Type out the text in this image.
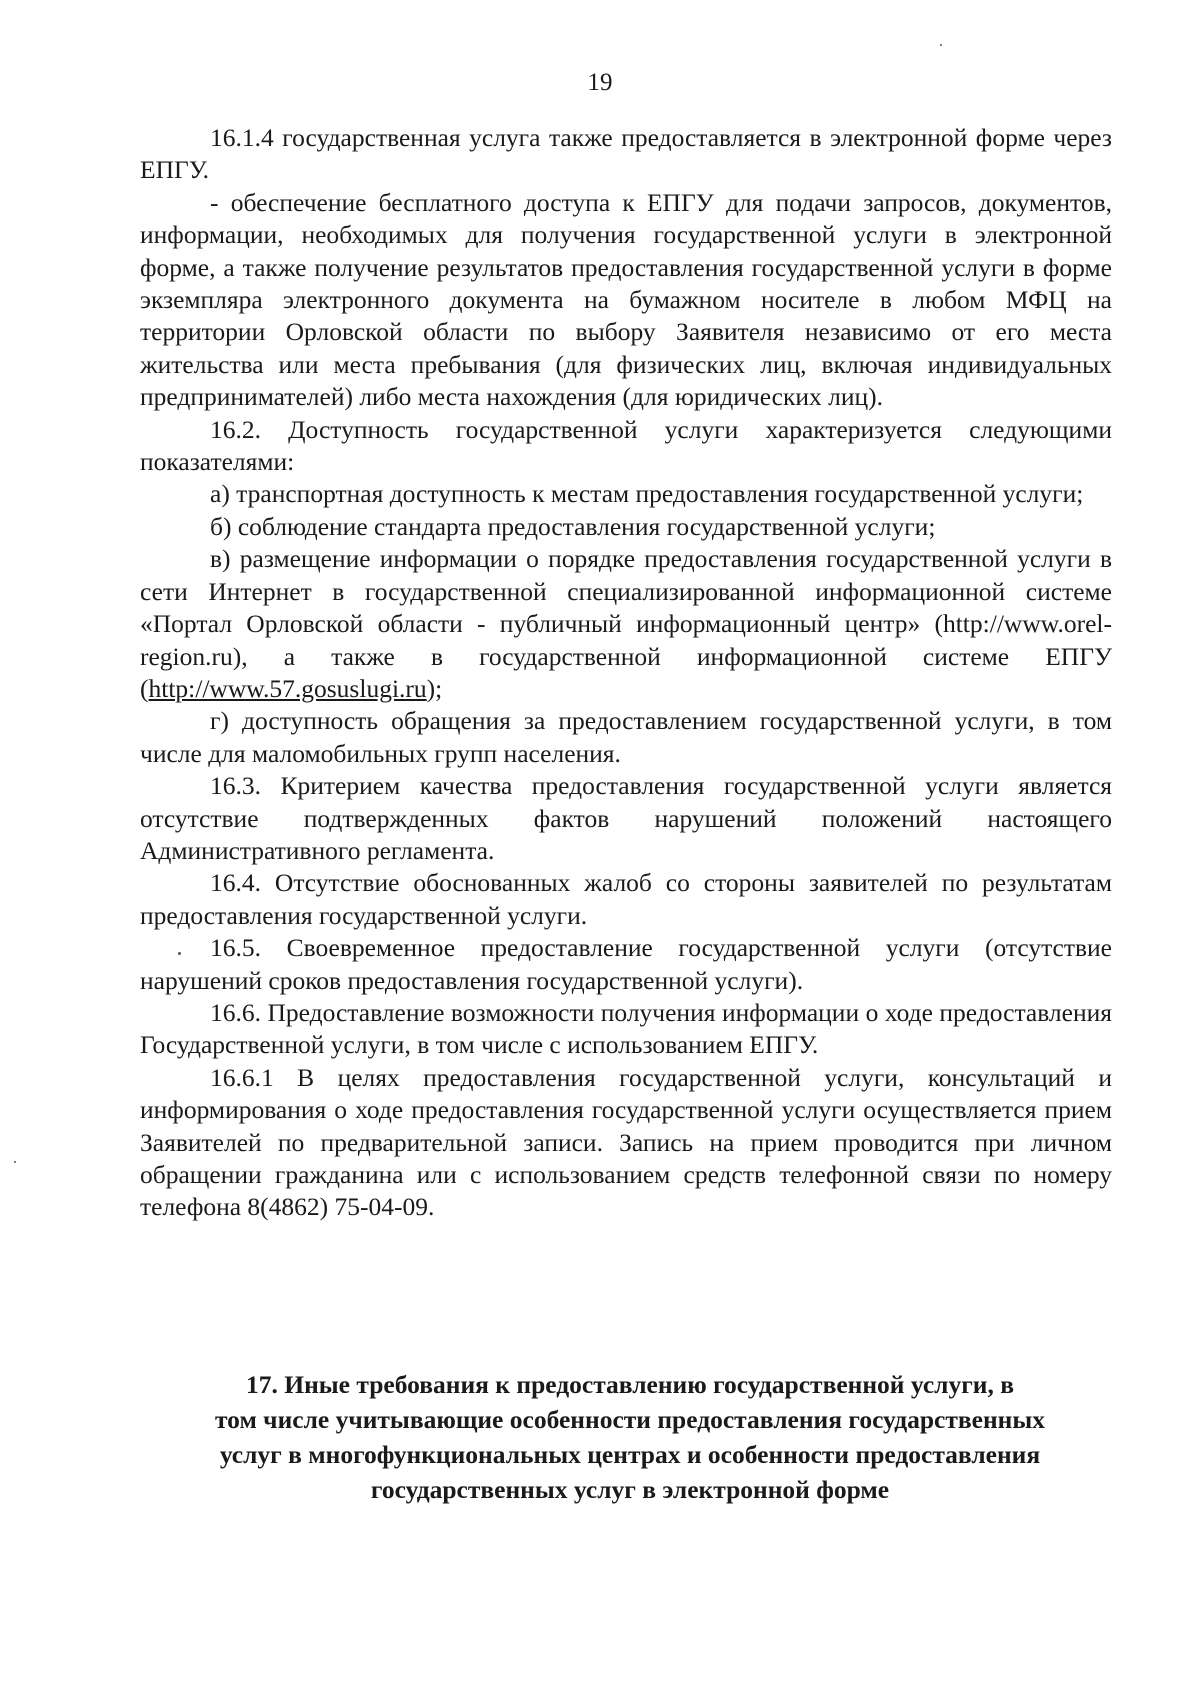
19

16.1.4 государственная услуга также предоставляется в электронной форме через ЕПГУ.

- обеспечение бесплатного доступа к ЕПГУ для подачи запросов, документов, информации, необходимых для получения государственной услуги в электронной форме, а также получение результатов предоставления государственной услуги в форме экземпляра электронного документа на бумажном носителе в любом МФЦ на территории Орловской области по выбору Заявителя независимо от его места жительства или места пребывания (для физических лиц, включая индивидуальных предпринимателей) либо места нахождения (для юридических лиц).

16.2. Доступность государственной услуги характеризуется следующими показателями:

а) транспортная доступность к местам предоставления государственной услуги;

б) соблюдение стандарта предоставления государственной услуги;

в) размещение информации о порядке предоставления государственной услуги в сети Интернет в государственной специализированной информационной системе «Портал Орловской области - публичный информационный центр» (http://www.orel-region.ru), а также в государственной информационной системе ЕПГУ (http://www.57.gosuslugi.ru);

г) доступность обращения за предоставлением государственной услуги, в том числе для маломобильных групп населения.

16.3. Критерием качества предоставления государственной услуги является отсутствие подтвержденных фактов нарушений положений настоящего Административного регламента.

16.4. Отсутствие обоснованных жалоб со стороны заявителей по результатам предоставления государственной услуги.

16.5. Своевременное предоставление государственной услуги (отсутствие нарушений сроков предоставления государственной услуги).

16.6. Предоставление возможности получения информации о ходе предоставления Государственной услуги, в том числе с использованием ЕПГУ.

16.6.1 В целях предоставления государственной услуги, консультаций и информирования о ходе предоставления государственной услуги осуществляется прием Заявителей по предварительной записи. Запись на прием проводится при личном обращении гражданина или с использованием средств телефонной связи по номеру телефона 8(4862) 75-04-09.

17. Иные требования к предоставлению государственной услуги, в
том числе учитывающие особенности предоставления государственных
услуг в многофункциональных центрах и особенности предоставления
государственных услуг в электронной форме
